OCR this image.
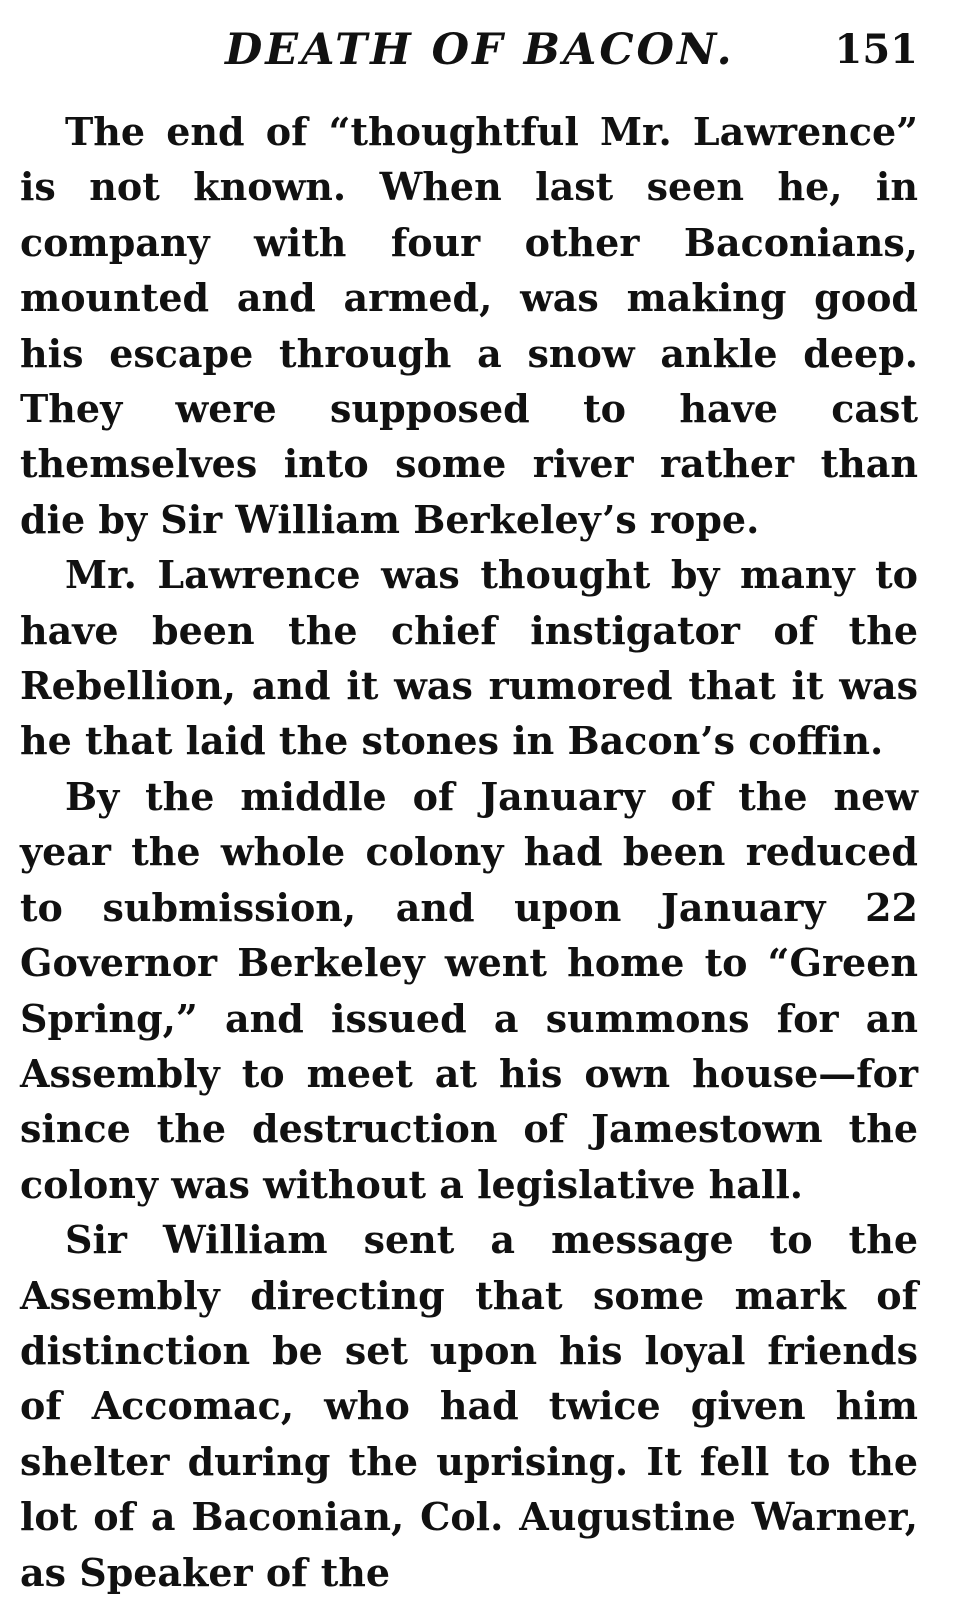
DEATH OF BACON. 151

The end of “thoughtful Mr. Lawrence” is not known. When last seen he, in company with four other Baconians, mounted and armed, was making good his escape through a snow ankle deep. They were supposed to have cast themselves into some river rather than die by Sir William Berkeley’s rope.

Mr. Lawrence was thought by many to have been the chief instigator of the Rebellion, and it was rumored that it was he that laid the stones in Bacon’s coffin.

By the middle of January of the new year the whole colony had been reduced to submission, and upon January 22 Governor Berkeley went home to “Green Spring,” and issued a summons for an Assembly to meet at his own house—for since the destruction of Jamestown the colony was without a legislative hall.

Sir William sent a message to the Assembly directing that some mark of distinction be set upon his loyal friends of Accomac, who had twice given him shelter during the uprising. It fell to the lot of a Baconian, Col. Augustine Warner, as Speaker of the
